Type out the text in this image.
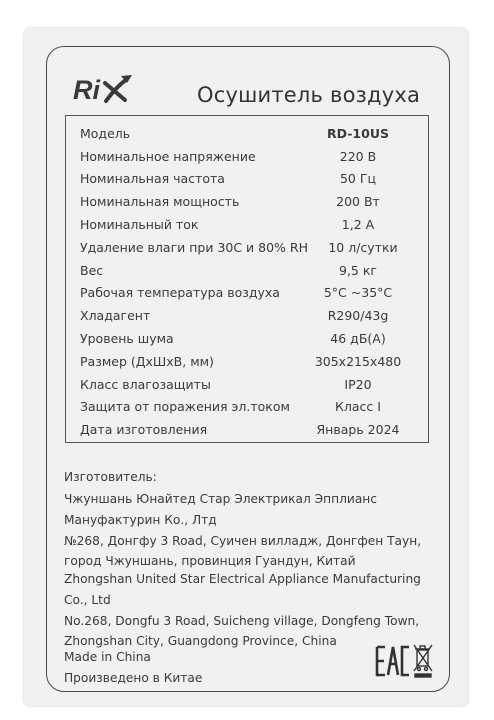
Ri	Осушитель воздуха
Модель	RD-10US
Номинальное напряжение	220 В
Номинальная частота	50 Гц
Номинальная мощность	200 Вт
Номинальный ток	1,2 А
Удаление влаги при 30С и 80% RH	10 л/сутки
Вес	9,5 кг
Рабочая температура воздуха	5°С ~35°С
Хладагент	R290/43g
Уровень шума	46 дБ(А)
Размер (ДхШхВ, мм)	305х215х480
Класс влагозащиты	IP20
Защита от поражения эл.током	Класс I
Дата изготовления	Январь 2024
Изготовитель:
Чжуншань Юнайтед Стар Электрикал Эпплианс
Мануфактурин Ко., Лтд
№268, Донгфу 3 Road, Суичен вилладж, Донгфен Таун,
город Чжуншань, провинция Гуандун, Китай
Zhongshan United Star Electrical Appliance Manufacturing
Co., Ltd
No.268, Dongfu 3 Road, Suicheng village, Dongfeng Town,
Zhongshan City, Guangdong Province, China
Made in China
Произведено в Китае
